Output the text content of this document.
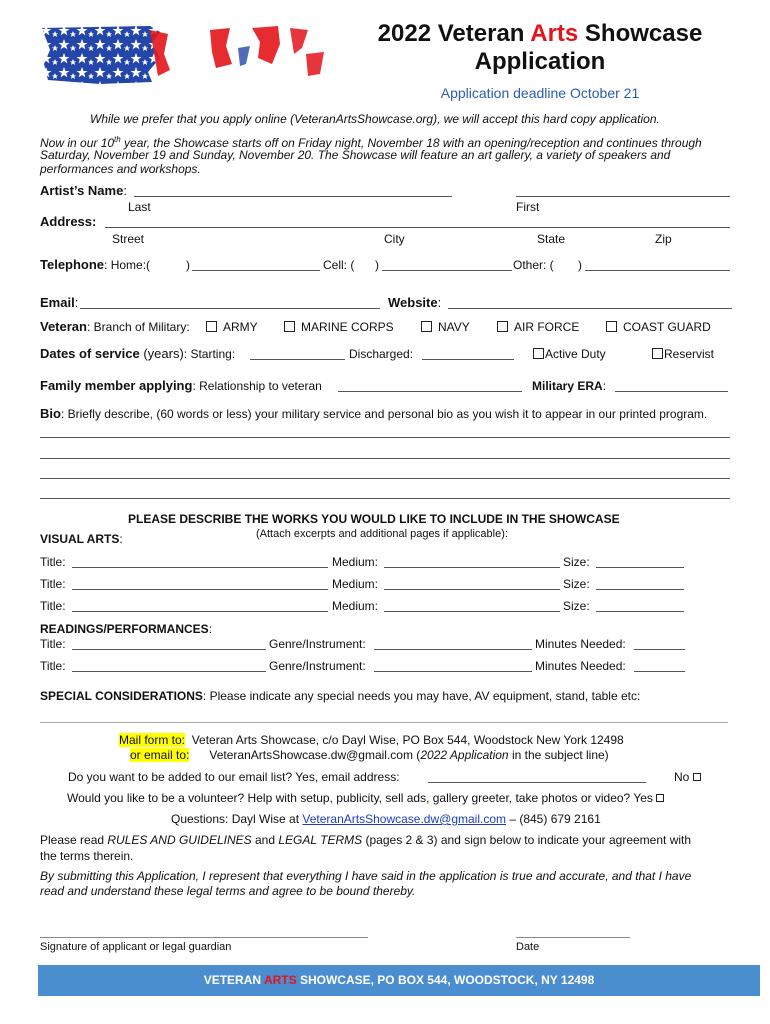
2022 Veteran Arts Showcase
Application
Application deadline October 21
While we prefer that you apply online (VeteranArtsShowcase.org), we will accept this hard copy application.
Now in our 10th year, the Showcase starts off on Friday night, November 18 with an opening/reception and continues through
Saturday, November 19 and Sunday, November 20. The Showcase will feature an art gallery, a variety of speakers and
performances and workshops.
Artist’s Name:
Last	First
Address:
Street	City	State	Zip
Telephone: Home:(	)	Cell: ( )	Other: ( )
Email:	Website:
Veteran: Branch of Military:	ARMY	MARINE CORPS	NAVY	AIR FORCE	COAST GUARD
Dates of service (years): Starting:	Discharged:	Active Duty	Reservist
Family member applying: Relationship to veteran	Military ERA:
Bio: Briefly describe, (60 words or less) your military service and personal bio as you wish it to appear in our printed program.
PLEASE DESCRIBE THE WORKS YOU WOULD LIKE TO INCLUDE IN THE SHOWCASE
VISUAL ARTS:	(Attach excerpts and additional pages if applicable):
Title:	Medium:	Size:
Title:	Medium:	Size:
Title:	Medium:	Size:
READINGS/PERFORMANCES:
Title:	Genre/Instrument:	Minutes Needed:
Title:	Genre/Instrument:	Minutes Needed:
SPECIAL CONSIDERATIONS: Please indicate any special needs you may have, AV equipment, stand, table etc:
Mail form to: Veteran Arts Showcase, c/o Dayl Wise, PO Box 544, Woodstock New York 12498
or email to: VeteranArtsShowcase.dw@gmail.com (2022 Application in the subject line)
Do you want to be added to our email list? Yes, email address:	No
Would you like to be a volunteer? Help with setup, publicity, sell ads, gallery greeter, take photos or video? Yes
Questions: Dayl Wise at VeteranArtsShowcase.dw@gmail.com – (845) 679 2161
Please read RULES AND GUIDELINES and LEGAL TERMS (pages 2 & 3) and sign below to indicate your agreement with
the terms therein.
By submitting this Application, I represent that everything I have said in the application is true and accurate, and that I have
read and understand these legal terms and agree to be bound thereby.
Signature of applicant or legal guardian	Date
VETERAN ARTS SHOWCASE, PO BOX 544, WOODSTOCK, NY 12498
